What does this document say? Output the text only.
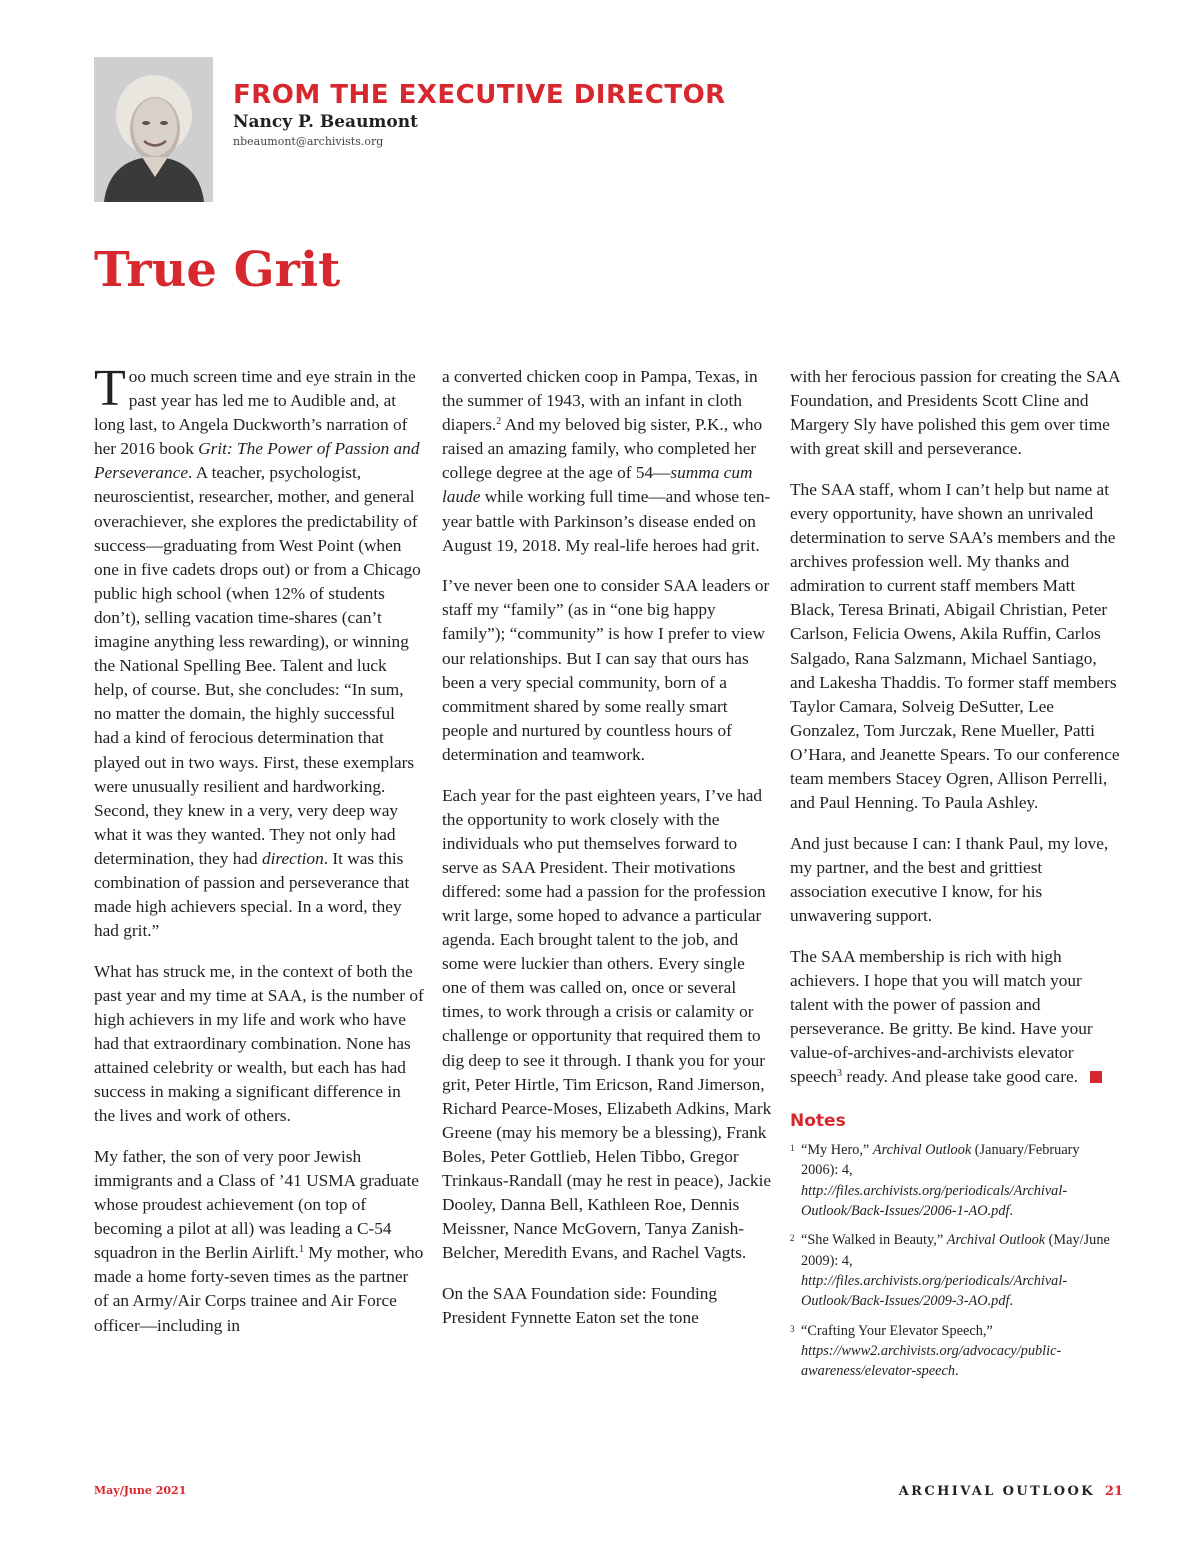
FROM THE EXECUTIVE DIRECTOR
Nancy P. Beaumont
nbeaumont@archivists.org
True Grit

Too much screen time and eye strain in the past year has led me to Audible and, at long last, to Angela Duckworth’s narration of her 2016 book Grit: The Power of Passion and Perseverance. A teacher, psychologist, neuroscientist, researcher, mother, and general overachiever, she explores the predictability of success—graduating from West Point (when one in five cadets drops out) or from a Chicago public high school (when 12% of students don’t), selling vacation time-shares (can’t imagine anything less rewarding), or winning the National Spelling Bee. Talent and luck help, of course. But, she concludes: “In sum, no matter the domain, the highly successful had a kind of ferocious determination that played out in two ways. First, these exemplars were unusually resilient and hardworking. Second, they knew in a very, very deep way what it was they wanted. They not only had determination, they had direction. It was this combination of passion and perseverance that made high achievers special. In a word, they had grit.”

What has struck me, in the context of both the past year and my time at SAA, is the number of high achievers in my life and work who have had that extraordinary combination. None has attained celebrity or wealth, but each has had success in making a significant difference in the lives and work of others.

My father, the son of very poor Jewish immigrants and a Class of ’41 USMA graduate whose proudest achievement (on top of becoming a pilot at all) was leading a C-54 squadron in the Berlin Airlift.$^1$ My mother, who made a home forty-seven times as the partner of an Army/Air Corps trainee and Air Force officer—including in

a converted chicken coop in Pampa, Texas, in the summer of 1943, with an infant in cloth diapers.$^2$ And my beloved big sister, P.K., who raised an amazing family, who completed her college degree at the age of 54—summa cum laude while working full time—and whose ten-year battle with Parkinson’s disease ended on August 19, 2018. My real-life heroes had grit.

I’ve never been one to consider SAA leaders or staff my “family” (as in “one big happy family”); “community” is how I prefer to view our relationships. But I can say that ours has been a very special community, born of a commitment shared by some really smart people and nurtured by countless hours of determination and teamwork.

Each year for the past eighteen years, I’ve had the opportunity to work closely with the individuals who put themselves forward to serve as SAA President. Their motivations differed: some had a passion for the profession writ large, some hoped to advance a particular agenda. Each brought talent to the job, and some were luckier than others. Every single one of them was called on, once or several times, to work through a crisis or calamity or challenge or opportunity that required them to dig deep to see it through. I thank you for your grit, Peter Hirtle, Tim Ericson, Rand Jimerson, Richard Pearce-Moses, Elizabeth Adkins, Mark Greene (may his memory be a blessing), Frank Boles, Peter Gottlieb, Helen Tibbo, Gregor Trinkaus-Randall (may he rest in peace), Jackie Dooley, Danna Bell, Kathleen Roe, Dennis Meissner, Nance McGovern, Tanya Zanish-Belcher, Meredith Evans, and Rachel Vagts.

On the SAA Foundation side: Founding President Fynnette Eaton set the tone

with her ferocious passion for creating the SAA Foundation, and Presidents Scott Cline and Margery Sly have polished this gem over time with great skill and perseverance.

The SAA staff, whom I can’t help but name at every opportunity, have shown an unrivaled determination to serve SAA’s members and the archives profession well. My thanks and admiration to current staff members Matt Black, Teresa Brinati, Abigail Christian, Peter Carlson, Felicia Owens, Akila Ruffin, Carlos Salgado, Rana Salzmann, Michael Santiago, and Lakesha Thaddis. To former staff members Taylor Camara, Solveig DeSutter, Lee Gonzalez, Tom Jurczak, Rene Mueller, Patti O’Hara, and Jeanette Spears. To our conference team members Stacey Ogren, Allison Perrelli, and Paul Henning. To Paula Ashley.

And just because I can: I thank Paul, my love, my partner, and the best and grittiest association executive I know, for his unwavering support.

The SAA membership is rich with high achievers. I hope that you will match your talent with the power of passion and perseverance. Be gritty. Be kind. Have your value-of-archives-and-archivists elevator speech$^3$ ready. And please take good care.

Notes
1 “My Hero,” Archival Outlook (January/February 2006): 4, http://files.archivists.org/periodicals/Archival-Outlook/Back-Issues/2006-1-AO.pdf.
2 “She Walked in Beauty,” Archival Outlook (May/June 2009): 4, http://files.archivists.org/periodicals/Archival-Outlook/Back-Issues/2009-3-AO.pdf.
3 “Crafting Your Elevator Speech,” https://www2.archivists.org/advocacy/public-awareness/elevator-speech.
May/June 2021	ARCHIVAL OUTLOOK 21
